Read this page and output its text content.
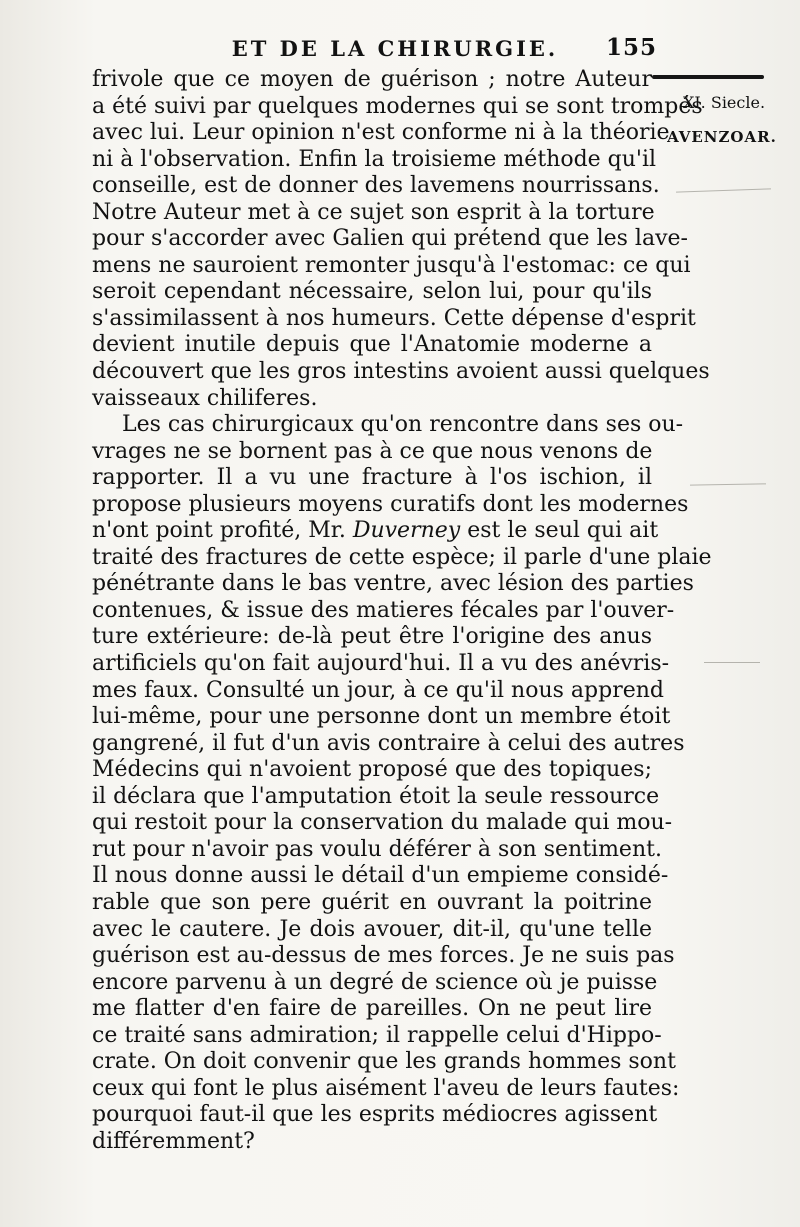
ET DE LA CHIRURGIE.	155
XI. Siecle.
AVENZOAR.
frivole que ce moyen de guérison ; notre Auteur
a été suivi par quelques modernes qui se sont trompés
avec lui. Leur opinion n'est conforme ni à la théorie
ni à l'observation. Enfin la troisieme méthode qu'il
conseille, est de donner des lavemens nourrissans.
Notre Auteur met à ce sujet son esprit à la torture
pour s'accorder avec Galien qui prétend que les lave-
mens ne sauroient remonter jusqu'à l'estomac: ce qui
seroit cependant nécessaire, selon lui, pour qu'ils
s'assimilassent à nos humeurs. Cette dépense d'esprit
devient inutile depuis que l'Anatomie moderne a
découvert que les gros intestins avoient aussi quelques
vaisseaux chiliferes.
Les cas chirurgicaux qu'on rencontre dans ses ou-
vrages ne se bornent pas à ce que nous venons de
rapporter. Il a vu une fracture à l'os ischion, il
propose plusieurs moyens curatifs dont les modernes
n'ont point profité, Mr. Duverney est le seul qui ait
traité des fractures de cette espèce; il parle d'une plaie
pénétrante dans le bas ventre, avec lésion des parties
contenues, & issue des matieres fécales par l'ouver-
ture extérieure: de-là peut être l'origine des anus
artificiels qu'on fait aujourd'hui. Il a vu des anévris-
mes faux. Consulté un jour, à ce qu'il nous apprend
lui-même, pour une personne dont un membre étoit
gangrené, il fut d'un avis contraire à celui des autres
Médecins qui n'avoient proposé que des topiques;
il déclara que l'amputation étoit la seule ressource
qui restoit pour la conservation du malade qui mou-
rut pour n'avoir pas voulu déférer à son sentiment.
Il nous donne aussi le détail d'un empieme considé-
rable que son pere guérit en ouvrant la poitrine
avec le cautere. Je dois avouer, dit-il, qu'une telle
guérison est au-dessus de mes forces. Je ne suis pas
encore parvenu à un degré de science où je puisse
me flatter d'en faire de pareilles. On ne peut lire
ce traité sans admiration; il rappelle celui d'Hippo-
crate. On doit convenir que les grands hommes sont
ceux qui font le plus aisément l'aveu de leurs fautes:
pourquoi faut-il que les esprits médiocres agissent
différemment?
